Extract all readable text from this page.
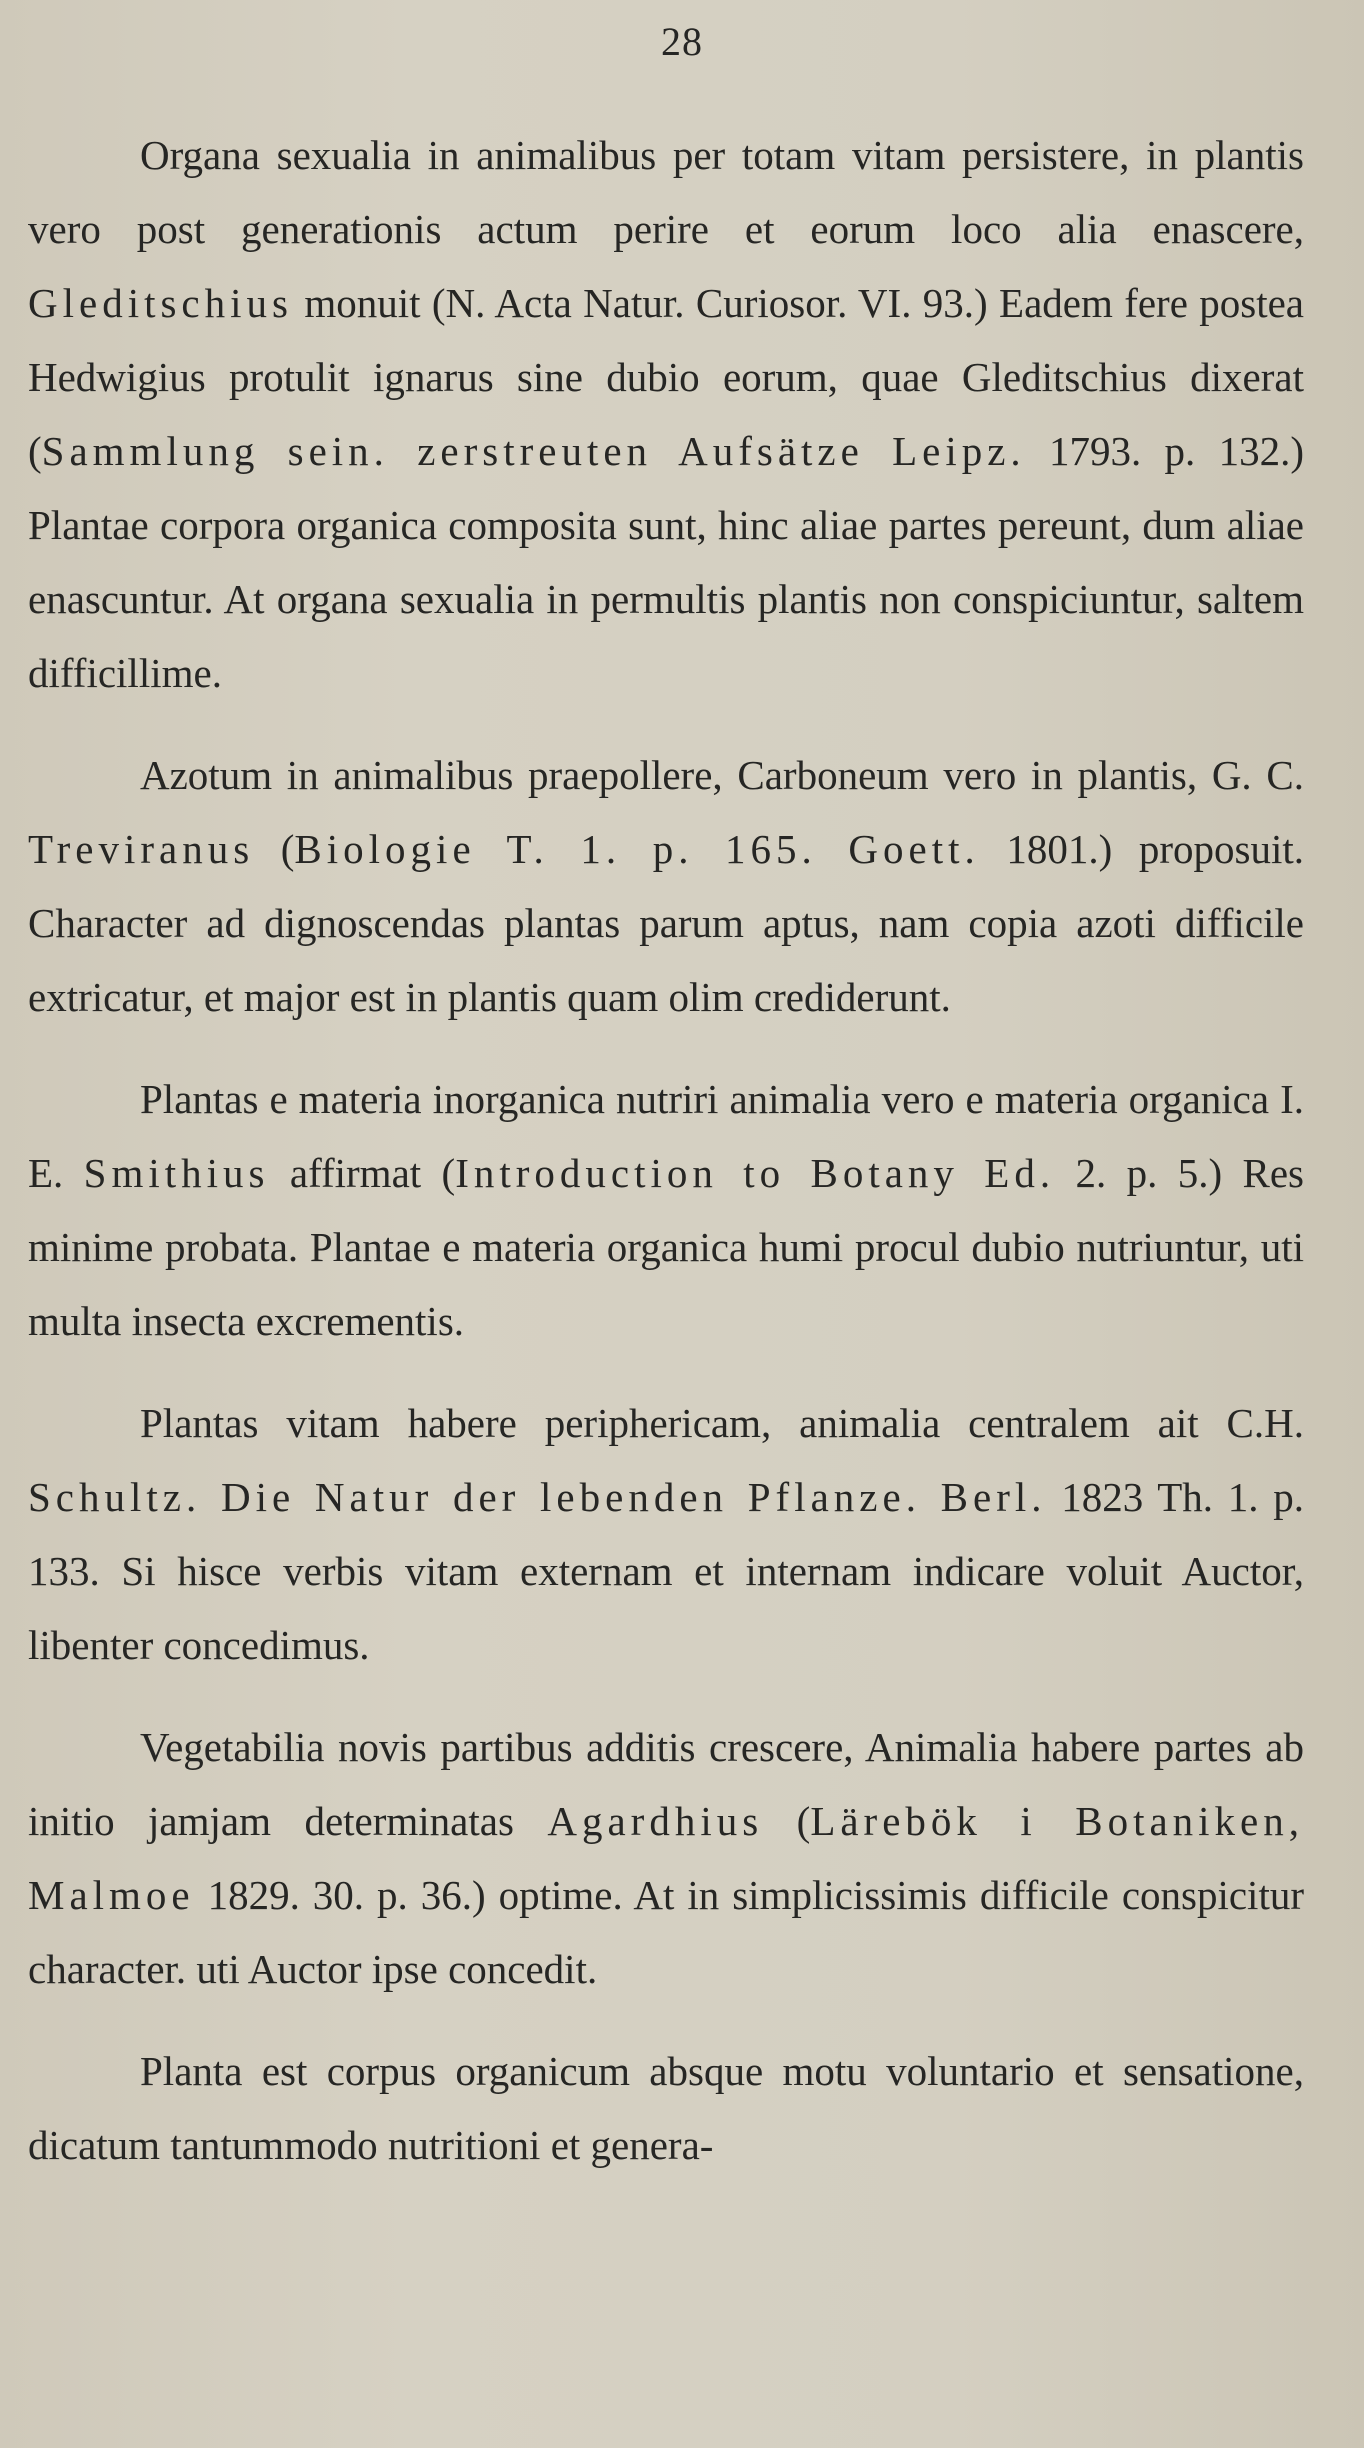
28

Organa sexualia in animalibus per totam vitam persistere, in plantis vero post generationis actum perire et eorum loco alia enascere, Gleditschius monuit (N. Acta Natur. Curiosor. VI. 93.) Eadem fere postea Hedwigius protulit ignarus sine dubio eorum, quae Gleditschius dixerat (Sammlung sein. zerstreuten Aufsätze Leipz. 1793. p. 132.) Plantae corpora organica composita sunt, hinc aliae partes pereunt, dum aliae enascuntur. At organa sexualia in permultis plantis non conspiciuntur, saltem difficillime.

Azotum in animalibus praepollere, Carboneum vero in plantis, G. C. Treviranus (Biologie T. 1. p. 165. Goett. 1801.) proposuit. Character ad dignoscendas plantas parum aptus, nam copia azoti difficile extricatur, et major est in plantis quam olim crediderunt.

Plantas e materia inorganica nutriri animalia vero e materia organica I. E. Smithius affirmat (Introduction to Botany Ed. 2. p. 5.) Res minime probata. Plantae e materia organica humi procul dubio nutriuntur, uti multa insecta excrementis.

Plantas vitam habere periphericam, animalia centralem ait C.H. Schultz. Die Natur der lebenden Pflanze. Berl. 1823 Th. 1. p. 133. Si hisce verbis vitam externam et internam indicare voluit Auctor, libenter concedimus.

Vegetabilia novis partibus additis crescere, Animalia habere partes ab initio jamjam determinatas Agardhius (Lärebök i Botaniken, Malmoe 1829. 30. p. 36.) optime. At in simplicissimis difficile conspicitur character. uti Auctor ipse concedit.

Planta est corpus organicum absque motu voluntario et sensatione, dicatum tantummodo nutritioni et genera-
